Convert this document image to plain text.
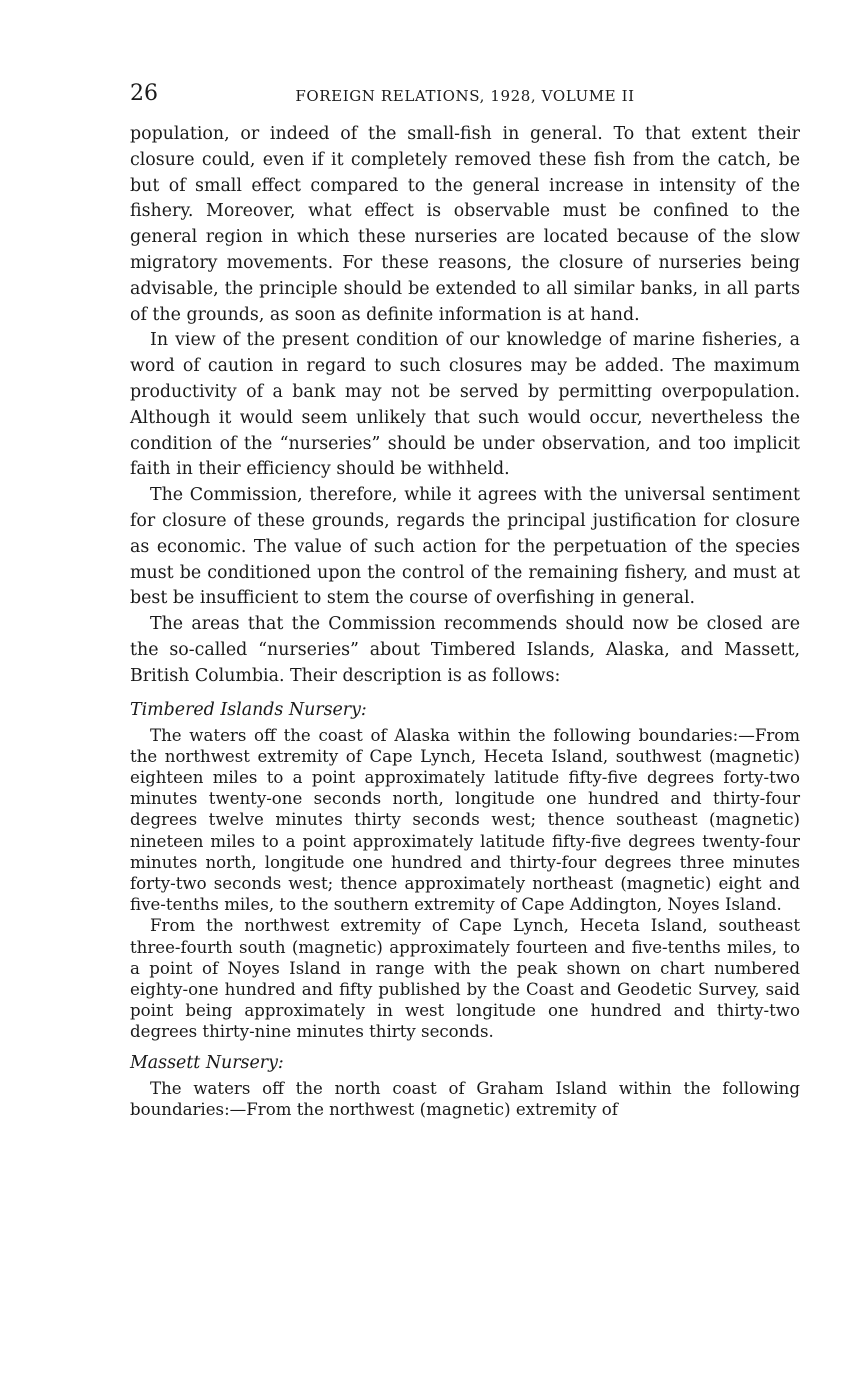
26	FOREIGN RELATIONS, 1928, VOLUME II

population, or indeed of the small-fish in general. To that extent their closure could, even if it completely removed these fish from the catch, be but of small effect compared to the general increase in intensity of the fishery. Moreover, what effect is observable must be confined to the general region in which these nurseries are located because of the slow migratory movements. For these reasons, the closure of nurseries being advisable, the principle should be extended to all similar banks, in all parts of the grounds, as soon as definite information is at hand.

In view of the present condition of our knowledge of marine fisheries, a word of caution in regard to such closures may be added. The maximum productivity of a bank may not be served by permitting overpopulation. Although it would seem unlikely that such would occur, nevertheless the condition of the “nurseries” should be under observation, and too implicit faith in their efficiency should be withheld.

The Commission, therefore, while it agrees with the universal sentiment for closure of these grounds, regards the principal justification for closure as economic. The value of such action for the perpetuation of the species must be conditioned upon the control of the remaining fishery, and must at best be insufficient to stem the course of overfishing in general.

The areas that the Commission recommends should now be closed are the so-called “nurseries” about Timbered Islands, Alaska, and Massett, British Columbia. Their description is as follows:

Timbered Islands Nursery:

The waters off the coast of Alaska within the following boundaries:—From the northwest extremity of Cape Lynch, Heceta Island, southwest (magnetic) eighteen miles to a point approximately latitude fifty-five degrees forty-two minutes twenty-one seconds north, longitude one hundred and thirty-four degrees twelve minutes thirty seconds west; thence southeast (magnetic) nineteen miles to a point approximately latitude fifty-five degrees twenty-four minutes north, longitude one hundred and thirty-four degrees three minutes forty-two seconds west; thence approximately northeast (magnetic) eight and five-tenths miles, to the southern extremity of Cape Addington, Noyes Island.

From the northwest extremity of Cape Lynch, Heceta Island, southeast three-fourth south (magnetic) approximately fourteen and five-tenths miles, to a point of Noyes Island in range with the peak shown on chart numbered eighty-one hundred and fifty published by the Coast and Geodetic Survey, said point being approximately in west longitude one hundred and thirty-two degrees thirty-nine minutes thirty seconds.

Massett Nursery:

The waters off the north coast of Graham Island within the following boundaries:—From the northwest (magnetic) extremity of
